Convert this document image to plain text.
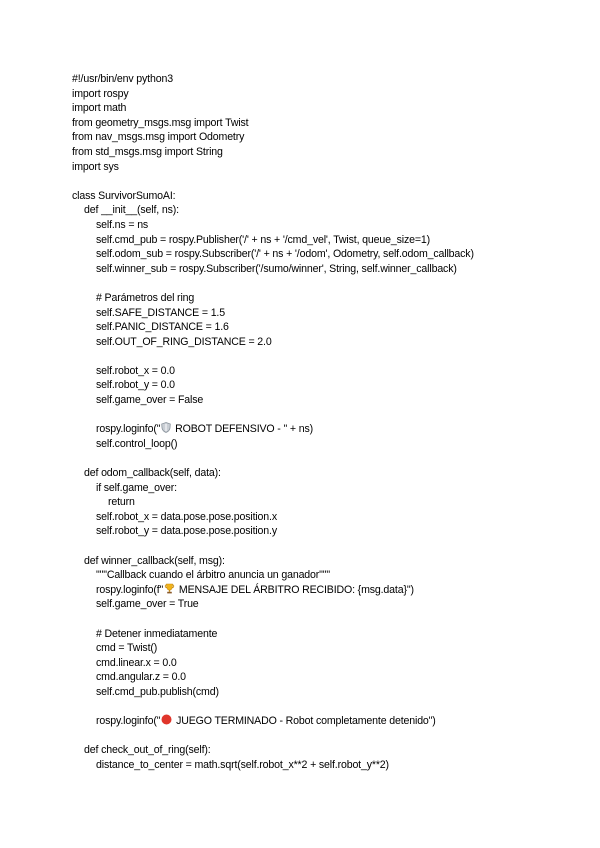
#!/usr/bin/env python3
import rospy
import math
from geometry_msgs.msg import Twist
from nav_msgs.msg import Odometry
from std_msgs.msg import String
import sys
class SurvivorSumoAI:
def __init__(self, ns):
self.ns = ns
self.cmd_pub = rospy.Publisher('/' + ns + '/cmd_vel', Twist, queue_size=1)
self.odom_sub = rospy.Subscriber('/' + ns + '/odom', Odometry, self.odom_callback)
self.winner_sub = rospy.Subscriber('/sumo/winner', String, self.winner_callback)
# Parámetros del ring
self.SAFE_DISTANCE = 1.5
self.PANIC_DISTANCE = 1.6
self.OUT_OF_RING_DISTANCE = 2.0
self.robot_x = 0.0
self.robot_y = 0.0
self.game_over = False
rospy.loginfo(" ROBOT DEFENSIVO - " + ns)
self.control_loop()
def odom_callback(self, data):
if self.game_over:
return
self.robot_x = data.pose.pose.position.x
self.robot_y = data.pose.pose.position.y
def winner_callback(self, msg):
"""Callback cuando el árbitro anuncia un ganador"""
rospy.loginfo(f" MENSAJE DEL ÁRBITRO RECIBIDO: {msg.data}")
self.game_over = True
# Detener inmediatamente
cmd = Twist()
cmd.linear.x = 0.0
cmd.angular.z = 0.0
self.cmd_pub.publish(cmd)
rospy.loginfo(" JUEGO TERMINADO - Robot completamente detenido")
def check_out_of_ring(self):
distance_to_center = math.sqrt(self.robot_x**2 + self.robot_y**2)
